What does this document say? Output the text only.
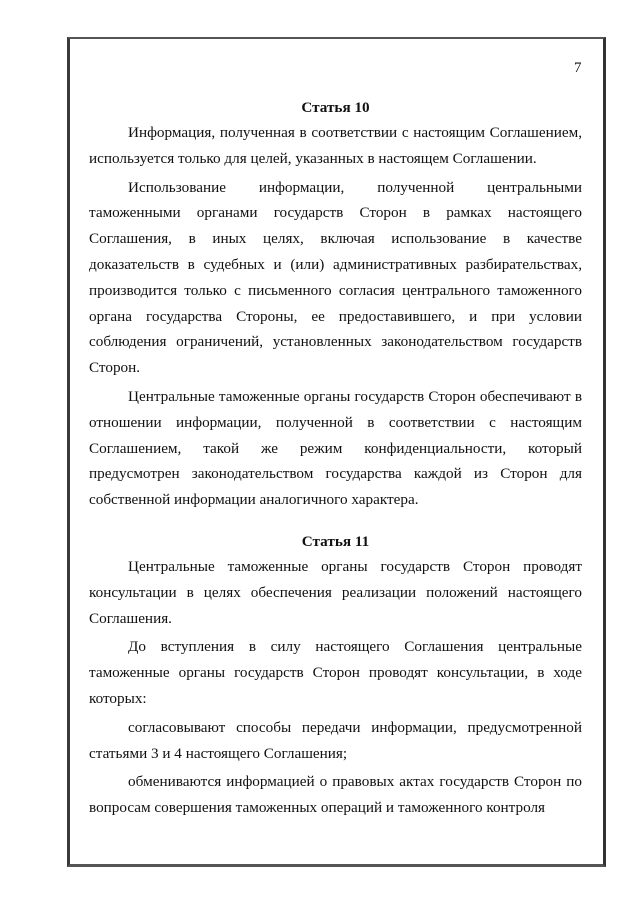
7

Статья 10

Информация, полученная в соответствии с настоящим Соглашением, используется только для целей, указанных в настоящем Соглашении.

Использование информации, полученной центральными таможенными органами государств Сторон в рамках настоящего Соглашения, в иных целях, включая использование в качестве доказательств в судебных и (или) административных разбирательствах, производится только с письменного согласия центрального таможенного органа государства Стороны, ее предоставившего, и при условии соблюдения ограничений, установленных законодательством государств Сторон.

Центральные таможенные органы государств Сторон обеспечивают в отношении информации, полученной в соответствии с настоящим Соглашением, такой же режим конфиденциальности, который предусмотрен законодательством государства каждой из Сторон для собственной информации аналогичного характера.

Статья 11

Центральные таможенные органы государств Сторон проводят консультации в целях обеспечения реализации положений настоящего Соглашения.

До вступления в силу настоящего Соглашения центральные таможенные органы государств Сторон проводят консультации, в ходе которых:

согласовывают способы передачи информации, предусмотренной статьями 3 и 4 настоящего Соглашения;

обмениваются информацией о правовых актах государств Сторон по вопросам совершения таможенных операций и таможенного контроля
